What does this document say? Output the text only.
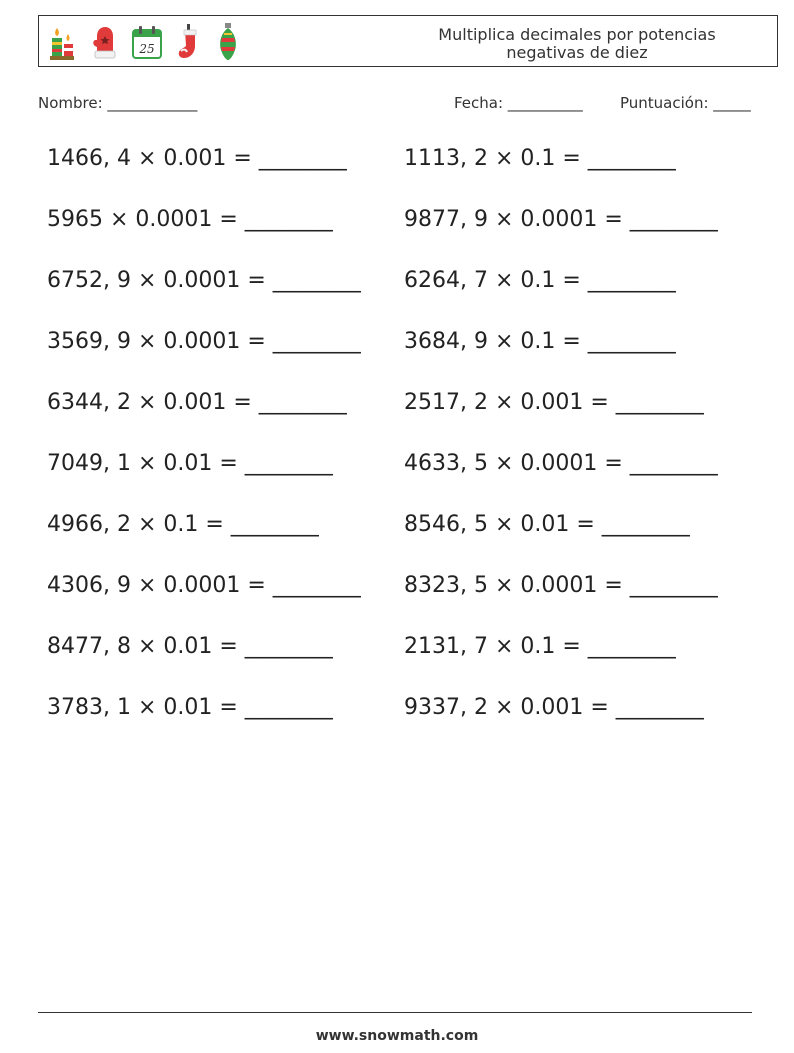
25
Multiplica decimales por potencias
negativas de diez
Nombre: ____________	Fecha: __________ Puntuación: _____
1466, 4 × 0.001 = ________	1113, 2 × 0.1 = ________
5965 × 0.0001 = ________	9877, 9 × 0.0001 = ________
6752, 9 × 0.0001 = ________ 6264, 7 × 0.1 = ________
3569, 9 × 0.0001 = ________ 3684, 9 × 0.1 = ________
6344, 2 × 0.001 = ________	2517, 2 × 0.001 = ________
7049, 1 × 0.01 = ________	4633, 5 × 0.0001 = ________
4966, 2 × 0.1 = ________	8546, 5 × 0.01 = ________
4306, 9 × 0.0001 = ________ 8323, 5 × 0.0001 = ________
8477, 8 × 0.01 = ________	2131, 7 × 0.1 = ________
3783, 1 × 0.01 = ________	9337, 2 × 0.001 = ________
www.snowmath.com
